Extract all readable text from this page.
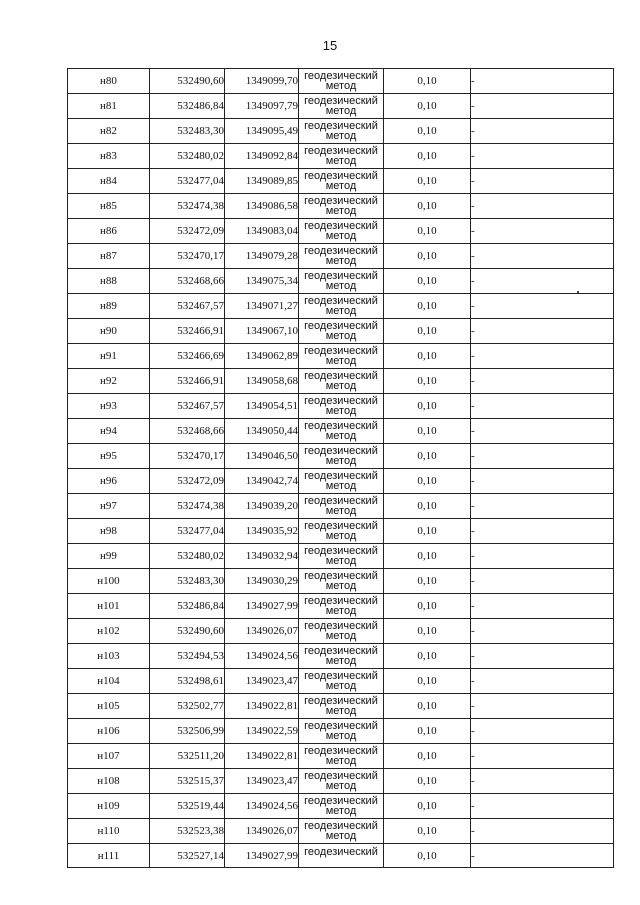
15
н80	532490,60	1349099,70	геодезический
метод	0,10	-
н81	532486,84	1349097,79	геодезический
метод	0,10	-
н82	532483,30	1349095,49	геодезический
метод	0,10	-
н83	532480,02	1349092,84	геодезический
метод	0,10	-
н84	532477,04	1349089,85	геодезический
метод	0,10	-
н85	532474,38	1349086,58	геодезический
метод	0,10	-
н86	532472,09	1349083,04	геодезический
метод	0,10	-
н87	532470,17	1349079,28	геодезический
метод	0,10	-
н88	532468,66	1349075,34	геодезический
метод	0,10	-
н89	532467,57	1349071,27	геодезический
метод	0,10	-
н90	532466,91	1349067,10	геодезический
метод	0,10	-
н91	532466,69	1349062,89	геодезический
метод	0,10	-
н92	532466,91	1349058,68	геодезический
метод	0,10	-
н93	532467,57	1349054,51	геодезический
метод	0,10	-
н94	532468,66	1349050,44	геодезический
метод	0,10	-
н95	532470,17	1349046,50	геодезический
метод	0,10	-
н96	532472,09	1349042,74	геодезический
метод	0,10	-
н97	532474,38	1349039,20	геодезический
метод	0,10	-
н98	532477,04	1349035,92	геодезический
метод	0,10	-
н99	532480,02	1349032,94	геодезический
метод	0,10	-
н100	532483,30	1349030,29	геодезический
метод	0,10	-
н101	532486,84	1349027,99	геодезический
метод	0,10	-
н102	532490,60	1349026,07	геодезический
метод	0,10	-
н103	532494,53	1349024,56	геодезический
метод	0,10	-
н104	532498,61	1349023,47	геодезический
метод	0,10	-
н105	532502,77	1349022,81	геодезический
метод	0,10	-
н106	532506,99	1349022,59	геодезический
метод	0,10	-
н107	532511,20	1349022,81	геодезический
метод	0,10	-
н108	532515,37	1349023,47	геодезический
метод	0,10	-
н109	532519,44	1349024,56	геодезический
метод	0,10	-
н110	532523,38	1349026,07	геодезический
метод	0,10	-
н111	532527,14	1349027,99	геодезический	0,10	-
